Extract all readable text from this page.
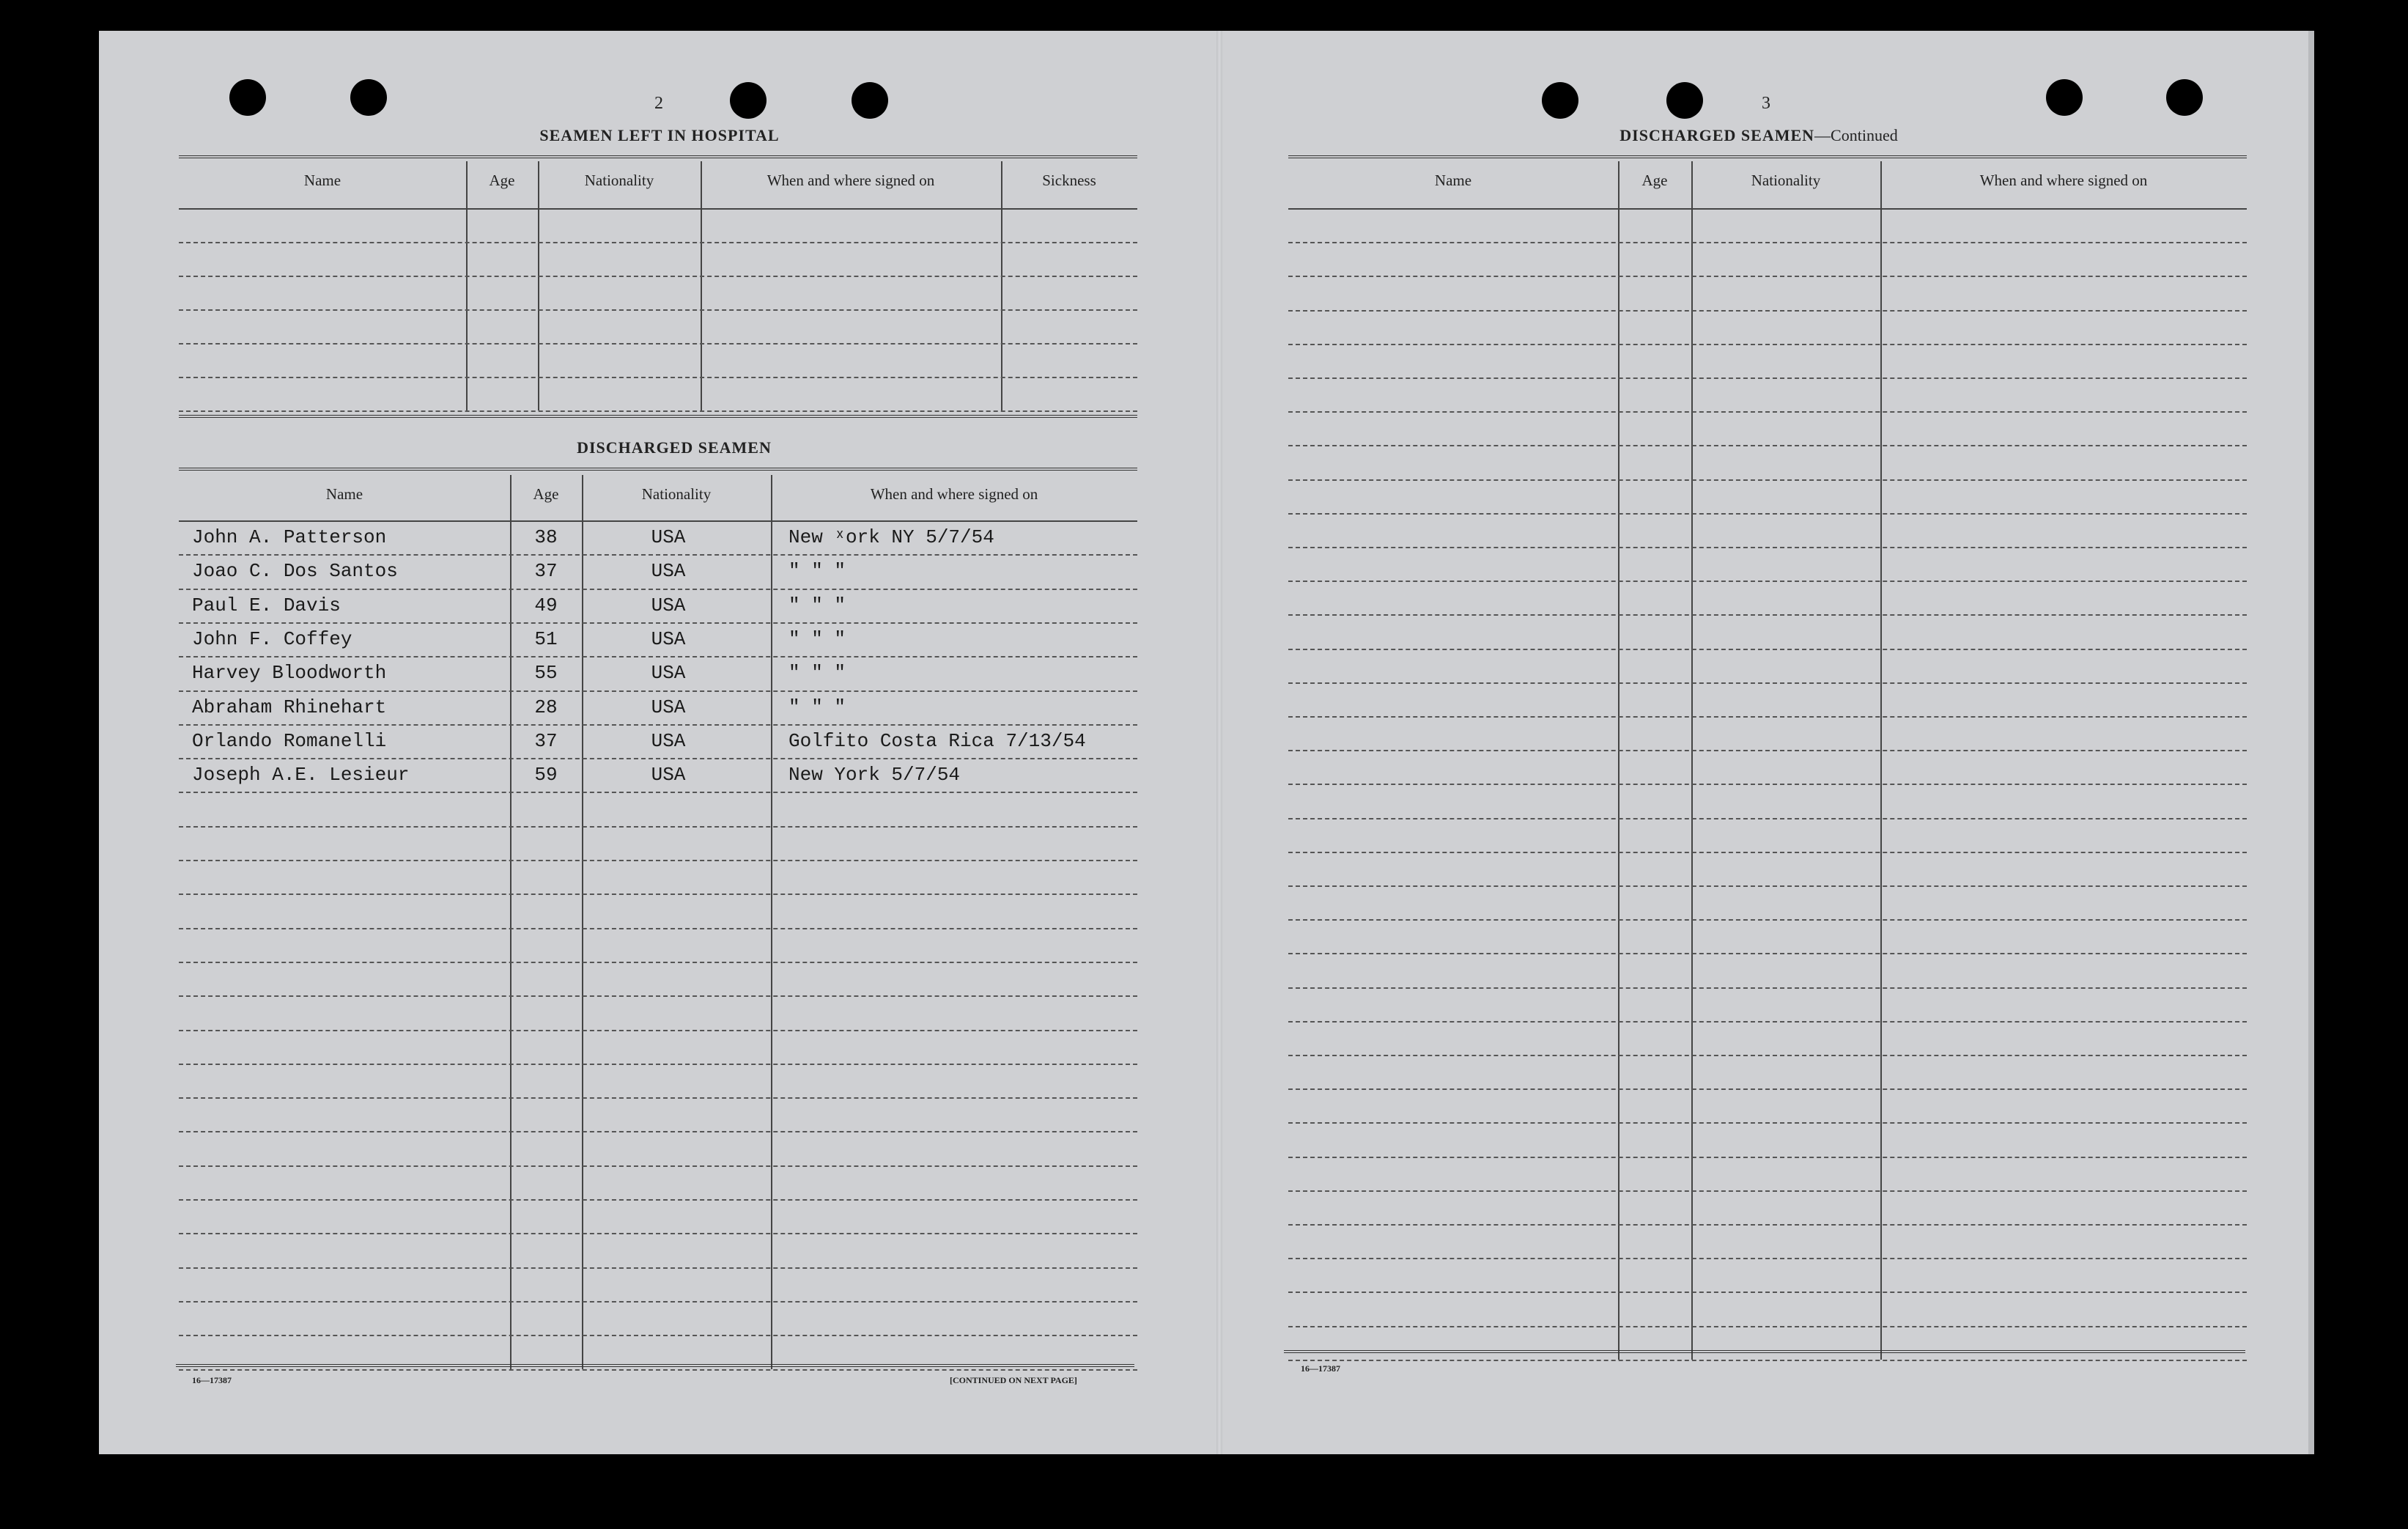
2
SEAMEN LEFT IN HOSPITAL
Name	Age	Nationality	When and where signed on	Sickness
DISCHARGED SEAMEN
Name	Age	Nationality	When and where signed on
John A. Patterson	38	USA	New ˣork NY 5/7/54
Joao C. Dos Santos	37	USA	" " "
Paul E. Davis	49	USA	" " "
John F. Coffey	51	USA	" " "
Harvey Bloodworth	55	USA	" " "
Abraham Rhinehart	28	USA	" " "
Orlando Romanelli	37	USA	Golfito Costa Rica 7/13/54
Joseph A.E. Lesieur	59	USA	New York 5/7/54
16—17387	[CONTINUED ON NEXT PAGE]
3
DISCHARGED SEAMEN—Continued
Name	Age	Nationality	When and where signed on
16—17387
